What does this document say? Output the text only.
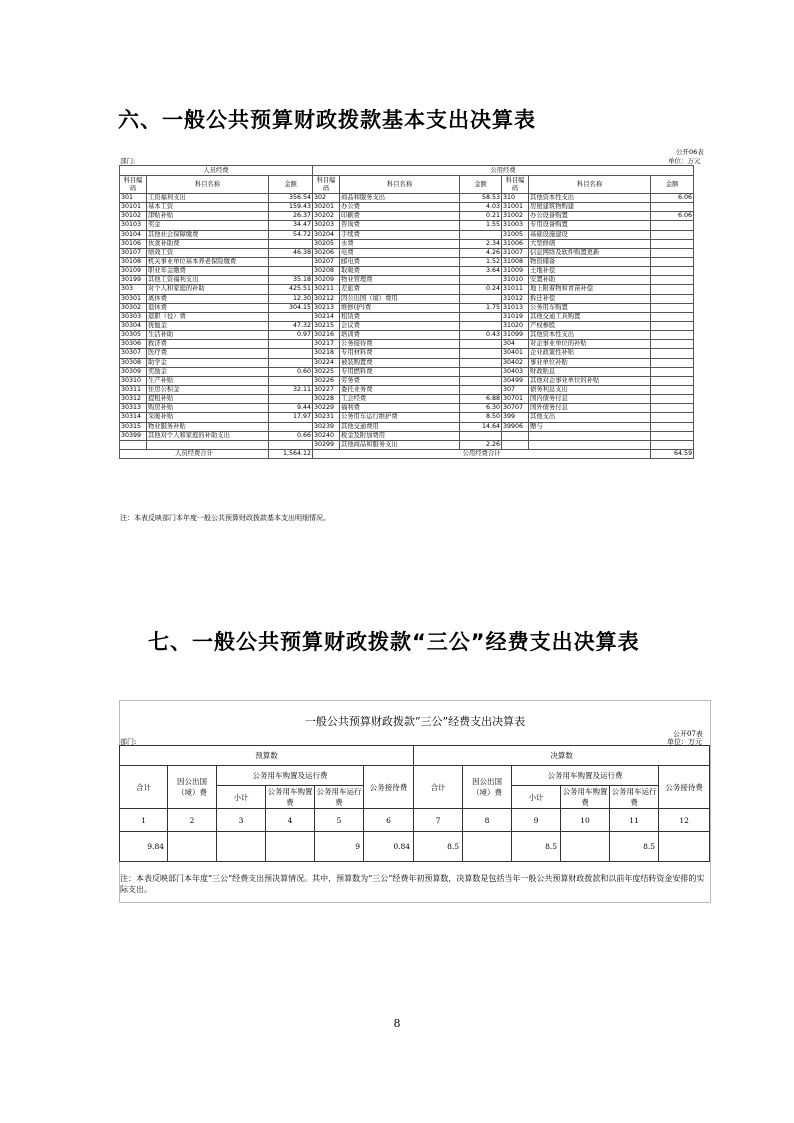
六、一般公共预算财政拨款基本支出决算表
公开06表
部门:	单位：万元
人员经费			公用经费					
科目编码	科目名称	金额	科目编码	科目名称	金额	科目编码	科目名称	金额
301	工资福利支出	356.54	302	商品和服务支出	58.53	310	其他资本性支出	6.06
30101	基本工资	159.43	30201	办公费	4.03	31001	房屋建筑物购建	
30102	津贴补贴	26.37	30202	印刷费	0.21	31002	办公设备购置	6.06
30103	奖金	34.47	30203	咨询费	1.55	31003	专用设备购置	
30104	其他社会保障缴费	54.72	30204	手续费		31005	基础设施建设	
30106	伙食补助费		30205	水费	2.34	31006	大型修缮	
30107	绩效工资	46.38	30206	电费	4.26	31007	信息网络及软件购置更新	
30108	机关事业单位基本养老保险缴费		30207	邮电费	1.52	31008	物资储备	
30109	职业年金缴费		30208	取暖费	3.64	31009	土地补偿	
30199	其他工资福利支出	35.18	30209	物业管理费		31010	安置补助	
303	对个人和家庭的补助	425.51	30211	差旅费	0.24	31011	地上附着物和青苗补偿	
30301	离休费	12.30	30212	因公出国（境）费用		31012	拆迁补偿	
30302	退休费	304.15	30213	维修(护)费	1.75	31013	公务用车购置	
30303	退职（役）费		30214	租赁费		31019	其他交通工具购置	
30304	抚恤金	47.32	30215	会议费		31020	产权参股	
30305	生活补助	0.97	30216	培训费	0.43	31099	其他资本性支出	
30306	救济费		30217	公务接待费		304	对企事业单位的补贴	
30307	医疗费		30218	专用材料费		30401	企业政策性补贴	
30308	助学金		30224	被装购置费		30402	事业单位补贴	
30309	奖励金	0.60	30225	专用燃料费		30403	财政贴息	
30310	生产补贴		30226	劳务费		30499	其他对企事业单位的补贴	
30311	住房公积金	32.11	30227	委托业务费		307	债务利息支出	
30312	提租补贴		30228	工会经费	6.88	30701	国内债务付息	
30313	购房补贴	9.44	30229	福利费	6.30	30707	国外债务付息	
30314	采暖补贴	17.97	30231	公务用车运行维护费	8.50	399	其他支出	
30315	物业服务补贴		30239	其他交通费用	14.64	39906	赠与	
30399	其他对个人和家庭的补助支出	0.66	30240	税金及附加费用				
			30299	其他商品和服务支出	2.26			
人员经费合计		1,564.12	公用经费合计					64.59
注：本表反映部门本年度一般公共预算财政拨款基本支出明细情况。
七、一般公共预算财政拨款“三公”经费支出决算表
一般公共预算财政拨款“三公”经费支出决算表
公开07表
部门:	单位：万元
预算数						决算数					
合计	因公出国（境）费	公务用车购置及运行费			公务接待费	合计	因公出国（境）费	公务用车购置及运行费			公务接待费
		小计	公务用车购置费	公务用车运行费				小计	公务用车购置费	公务用车运行费	
1	2	3	4	5	6	7	8	9	10	11	12
9.84				9	0.84	8.5		8.5		8.5	
注：本表反映部门本年度“三公”经费支出预决算情况。其中，预算数为“三公”经费年初预算数，决算数是包括当年一般公共预算财政拨款和以前年度结转资金安排的实际支出。
8
